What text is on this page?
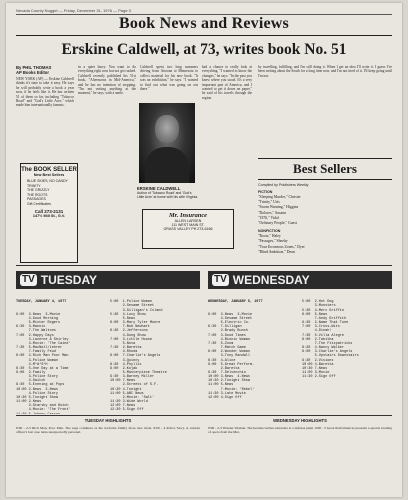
Nevada County Nugget — Friday, December 31, 1976 — Page 3
Book News and Reviews
Erskine Caldwell, at 73, writes book No. 51
By PHIL THOMAS
AP Books Editor
NEW YORK (AP) — Erskine Caldwell thinks it's time to take it easy. He says he will probably write a book a year now, if he feels like it. He has written 51 of them so far, including "Tobacco Road" and "God's Little Acre," which made him internationally famous.
in a quiet hurry. You want to do everything right now but not get rushed. Caldwell recently published his 51st book, "Afternoons in Mid-America," and he has no intention of stopping. "I'm not writing anything at the moment," he says, with a smile.
Caldwell spent two long summers driving from Arizona to Minnesota to collect material for his new book. "It was an exhibition," he says. "I wanted to find out what was going on out there."
had a chance to really look at everything. "I wanted to know the changes," he says. "In the past you knew where you stood. It's a very important part of America, and I wanted to get it down on paper," he said of his travels through the region.
by travelling, fulfilling, and I'm still doing it. When I get an idea I'll write it. I guess I've been writing about the South for a long time now, and I'm not tired of it. I'll keep going until I'm not.
ERSKINE CALDWELL
Author of 'Tobacco Road' and 'God's Little Acre' at home with his wife Virginia.
The BOOK SELLER
New Best Sellers
BLUE SKIES, NO CANDY
TRINITY
THE GRIZZLY
THE ROOTS
PASSAGES
Gift Certificates
Call 273-2131
147½ Mill St., G.V.	Mr. Insurance
ALLEN LARSEN
111 WEST MAIN ST.
GRASS VALLEY PH 273-6166
Best Sellers
Compiled by Publishers Weekly
FICTION
"Sleeping Murder," Christie
"Trinity," Uris
"Storm Warning," Higgins
"Dolores," Susann
"1876," Vidal
"Ordinary People," Guest
NONFICTION
"Roots," Haley
"Passages," Sheehy
"Your Erroneous Zones," Dyer
"Blind Ambition," Dean
TV TUESDAY	TV WEDNESDAY

TUESDAY, JANUARY 4, 1977

6:00  2-News  3-Movie
4-Good Morning
5-Mister Rogers
6:30  3-Mannix
7-The Waltons
7:00  2-Happy Days
3-Laverne & Shirley
4-Movie: 'The Caine'
7:30  5-MacNeil/Lehrer
7-Family Feud
8:00  2-Rich Man Poor Man
3-Police Woman
4-M*A*S*H
8:30  5-One Day at a Time
9:00  2-Family
3-Police Story
4-Switch
9:30  5-Evening at Pops
10:00 2-News  3-News
4-Police Story
10:30 5-Tonight Show
11:00 2-News
3-Starsky and Hutch
4-Movie: 'The Front'

5:00  1-Police Woman
2-Sesame Street
3-Gilligan's Island
5:30  4-Lucy Show
5-News
6:00  3-Mary Tyler Moore
7-Bob Newhart
6:30  2-Jeffersons
4-Gong Show
7:00  3-Little House
5-Nova
7:30  2-Baretta
4-Rhoda
8:00  7-Charlie's Angels
3-Quincy
8:30  4-Phyllis
9:00  2-Kojak
5-Masterpiece Theatre
9:30  3-Barney Miller
10:00 7-News
2-Streets of S.F.
10:30 4-Tonight
11:00 5-ABC News
2-Movie: 'Salt'
11:30 3-Wide World
12:00 7-News
12:30 5-Sign Off

WEDNESDAY, JANUARY 5, 1977

6:00  2-News  3-Movie
4-Sesame Street
5-Electric Co.
6:30  7-Gilligan
2-Brady Bunch
7:00  3-Good Times
4-Bionic Woman
7:30  5-Zoom
7-Match Game
8:00  2-Wonder Woman
3-Tony Randall
8:30  4-Alice
9:00  5-Great Perform.
2-Baretta
9:30  7-Delvecchio
10:00 3-News  4-News
10:30 2-Tonight Show
11:00 5-News
7-Movie: 'Rebel'
11:30 3-Late Movie
12:00 4-Sign Off

5:00  2-Hot Dog
3-Munsters
5:30  4-Merv Griffin
6:00  5-News
7-Andy Griffith
6:30  2-Name That Tune
7:00  3-Cross-Wits
4-Dinah!
7:30  5-Villa Alegre
8:00  2-Tabitha
7-The Fitzpatricks
8:30  4-Nancy Walker
9:00  3-Charlie's Angels
5-Upstairs Downstairs
9:30  2-Visions
10:00 4-Baretta
10:30 7-News
11:00 3-Movie
11:30 2-Sign Off

TUESDAY HIGHLIGHTS	WEDNESDAY HIGHLIGHTS
8:00 - 2-3 Rich Man, Poor Man. The saga continues as the Jordache family faces new trials. 9:00 - 4 Police Story. A veteran officer's last case turns unexpectedly personal.
8:00 - 2-3 Wonder Woman. The heroine battles saboteurs at a defense plant. 9:00 - 5 Great Performances presents a special evening of opera from the Met.
